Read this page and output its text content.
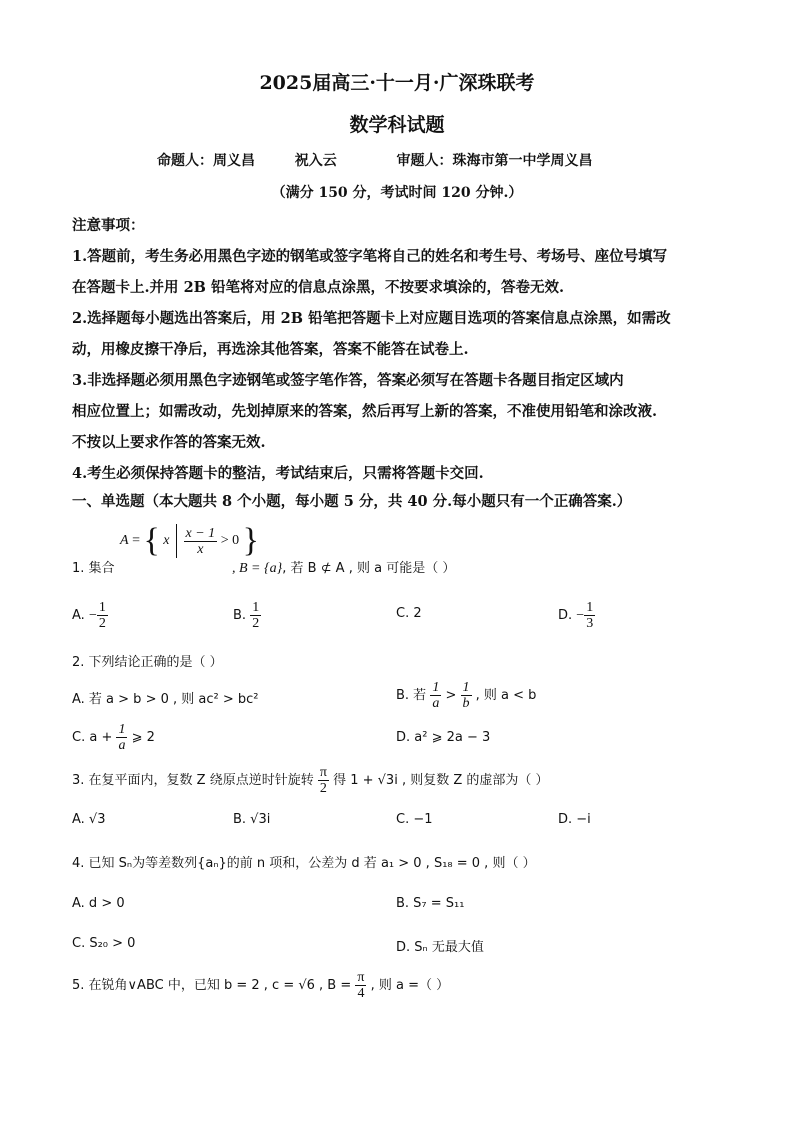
2025届高三·十一月·广深珠联考
数学科试题
命题人：周义昌	祝入云	审题人：珠海市第一中学周义昌
（满分 150 分，考试时间 120 分钟.）
注意事项：
1.答题前，考生务必用黑色字迹的钢笔或签字笔将自己的姓名和考生号、考场号、座位号填写
在答题卡上.并用 2B 铅笔将对应的信息点涂黑，不按要求填涂的，答卷无效.
2.选择题每小题选出答案后，用 2B 铅笔把答题卡上对应题目选项的答案信息点涂黑，如需改
动，用橡皮擦干净后，再选涂其他答案，答案不能答在试卷上.
3.非选择题必须用黑色字迹钢笔或签字笔作答，答案必须写在答题卡各题目指定区域内
相应位置上；如需改动，先划掉原来的答案，然后再写上新的答案，不准使用铅笔和涂改液.
不按以上要求作答的答案无效.
4.考生必须保持答题卡的整洁，考试结束后，只需将答题卡交回.
一、单选题（本大题共 8 个小题，每小题 5 分，共 40 分.每小题只有一个正确答案.）
1. 集合
A = { x $\frac{x - 1}{x} > 0$ }
, B = {a}, 若 B ⊄ A , 则 a 可能是（ ）
A. − $\frac{1}{2}$	B. $\frac{1}{2}$	C. 2	D. − $\frac{1}{3}$
2. 下列结论正确的是（ ）
A. 若 a > b > 0 , 则 ac² > bc²	B. 若 $\frac{1}{a} > \frac{1}{b}$ , 则 a < b
C. $a + \frac{1}{a}$ ⩾ 2	D. a² ⩾ 2a − 3
3. 在复平面内，复数 Z 绕原点逆时针旋转 $\frac{\pi}{2}$ 得 1 + √3i , 则复数 Z 的虚部为（ ）
A. √3	B. √3i	C. −1	D. −i
4. 已知 Sₙ为等差数列{aₙ}的前 n 项和，公差为 d 若 a₁ > 0 , S₁₈ = 0 , 则（ ）
A. d > 0	B. S₇ = S₁₁
C. S₂₀ > 0	D. Sₙ 无最大值
5. 在锐角∨ABC 中，已知 b = 2 , c = √6 , $B = \frac{\pi}{4}$ , 则 a =（ ）
